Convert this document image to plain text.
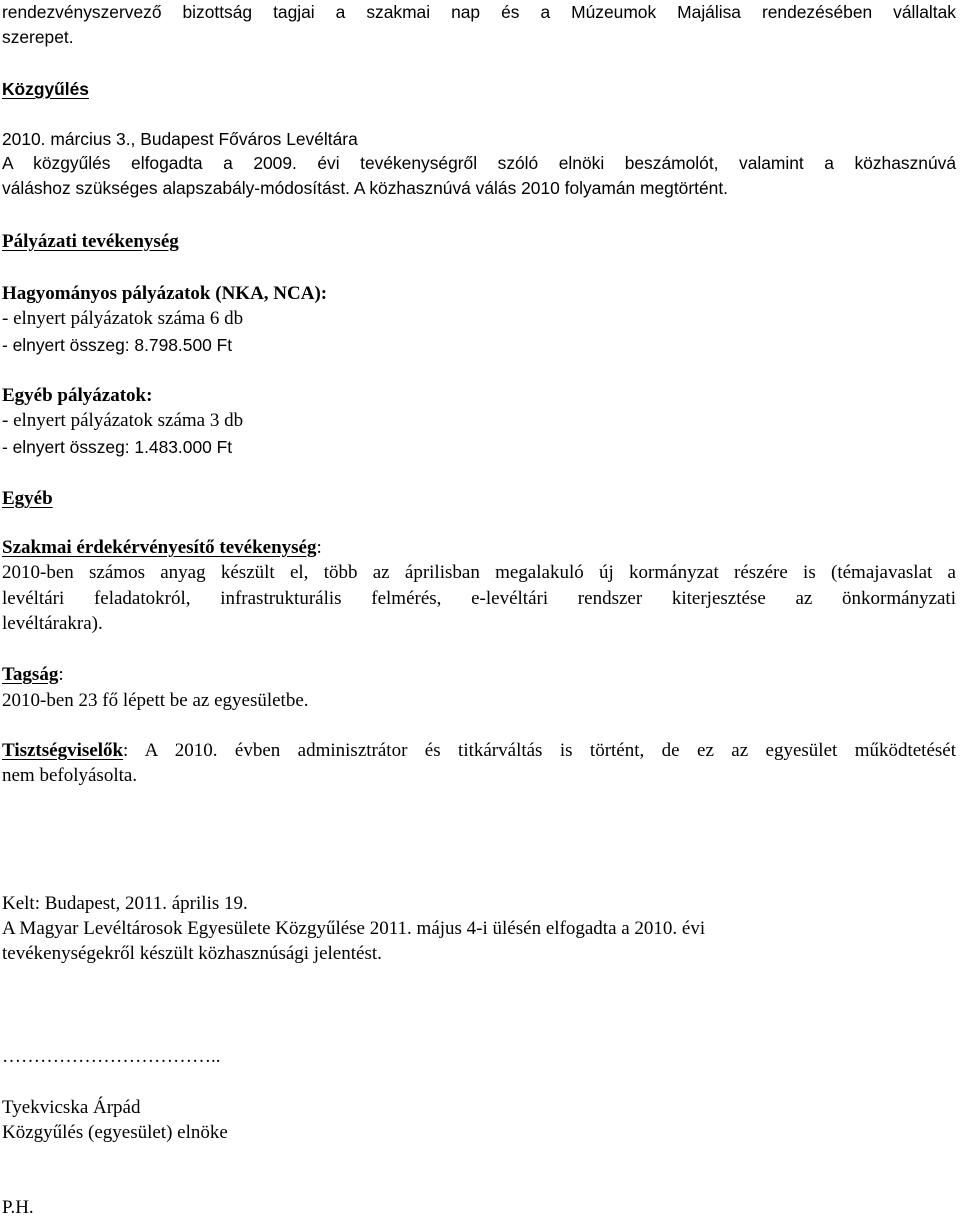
rendezvényszervező bizottság tagjai a szakmai nap és a Múzeumok Majálisa rendezésében vállaltak
szerepet.
Közgyűlés
2010. március 3., Budapest Főváros Levéltára
A közgyűlés elfogadta a 2009. évi tevékenységről szóló elnöki beszámolót, valamint a közhasznúvá
váláshoz szükséges alapszabály-módosítást. A közhasznúvá válás 2010 folyamán megtörtént.
Pályázati tevékenység
Hagyományos pályázatok (NKA, NCA):
- elnyert pályázatok száma 6 db
- elnyert összeg: 8.798.500 Ft
Egyéb pályázatok:
- elnyert pályázatok száma 3 db
- elnyert összeg: 1.483.000 Ft
Egyéb
Szakmai érdekérvényesítő tevékenység:
2010-ben számos anyag készült el, több az áprilisban megalakuló új kormányzat részére is (témajavaslat a
levéltári feladatokról, infrastrukturális felmérés, e-levéltári rendszer kiterjesztése az önkormányzati
levéltárakra).
Tagság:
2010-ben 23 fő lépett be az egyesületbe.
Tisztségviselők: A 2010. évben adminisztrátor és titkárváltás is történt, de ez az egyesület működtetését
nem befolyásolta.
Kelt: Budapest, 2011. április 19.
A Magyar Levéltárosok Egyesülete Közgyűlése 2011. május 4-i ülésén elfogadta a 2010. évi
tevékenységekről készült közhasznúsági jelentést.
……………………………..
Tyekvicska Árpád
Közgyűlés (egyesület) elnöke
P.H.
